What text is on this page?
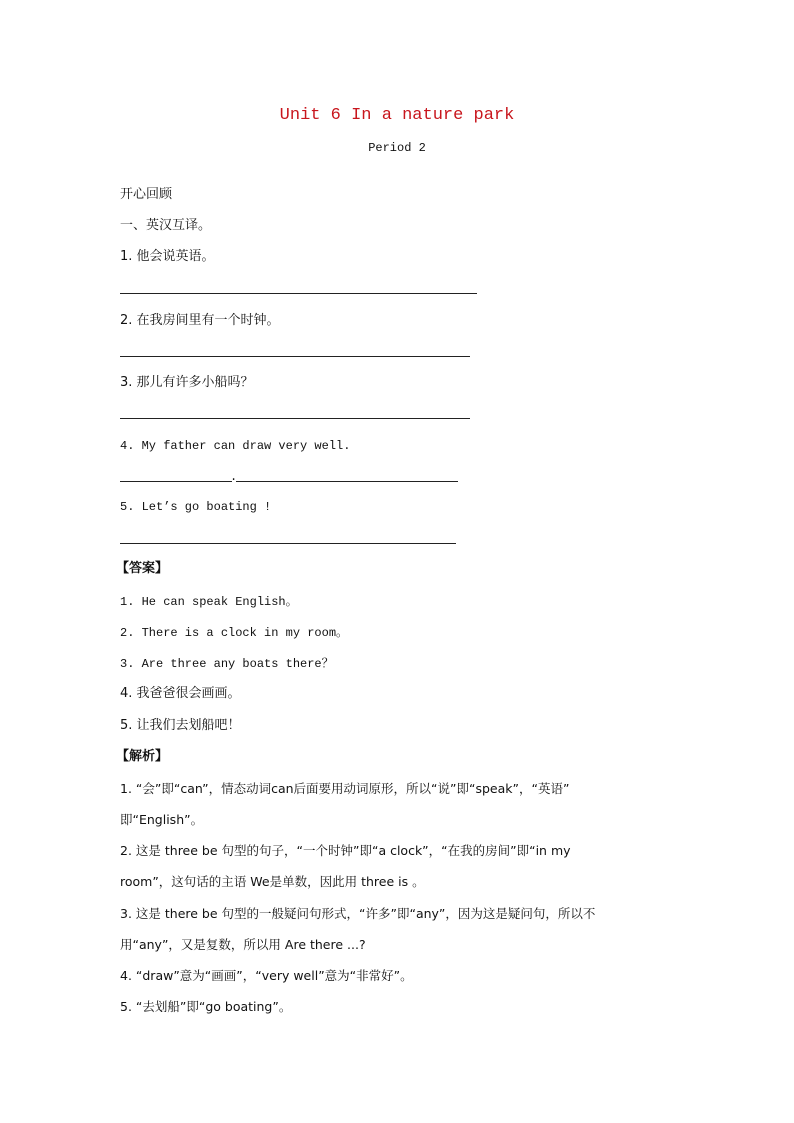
Unit 6 In a nature park
Period 2
开心回顾
一、英汉互译。
1. 他会说英语。
2. 在我房间里有一个时钟。
3. 那儿有许多小船吗？
4. My father can draw very well.
.
5. Let’s go boating !
【答案】
1. He can speak English。
2. There is a clock in my room。
3. Are three any boats there？
4. 我爸爸很会画画。
5. 让我们去划船吧！
【解析】
1. “会”即“can”，情态动词can后面要用动词原形，所以“说”即“speak”，“英语”
即“English”。
2. 这是 three be 句型的句子，“一个时钟”即“a clock”，“在我的房间”即“in my
room”，这句话的主语 We是单数，因此用 three is 。
3. 这是 there be 句型的一般疑问句形式，“许多”即“any”，因为这是疑问句，所以不
用“any”，又是复数，所以用 Are there ...?
4. “draw”意为“画画”，“very well”意为“非常好”。
5. “去划船”即“go boating”。
